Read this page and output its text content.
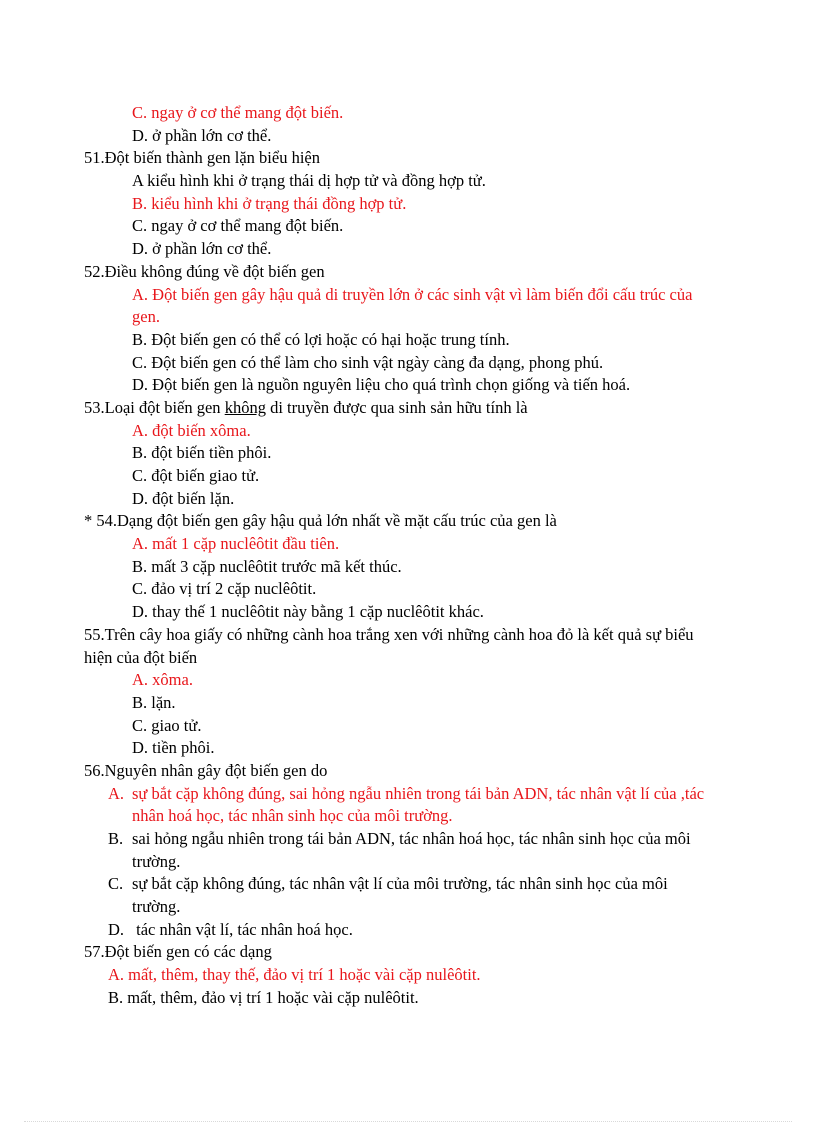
C. ngay ở cơ thể mang đột biến.
D. ở phần lớn cơ thể.
51.Đột biến thành gen lặn biểu hiện
A kiểu hình khi ở trạng thái dị hợp tử và đồng hợp tử.
B. kiểu hình khi ở trạng thái đồng hợp tử.
C. ngay ở cơ thể mang đột biến.
D. ở phần lớn cơ thể.
52.Điều không đúng về đột biến gen
A. Đột biến gen gây hậu quả di truyền lớn ở các sinh vật vì làm biến đổi cấu trúc của
gen.
B. Đột biến gen có thể có lợi hoặc có hại hoặc trung tính.
C. Đột biến gen có thể làm cho sinh vật ngày càng đa dạng, phong phú.
D. Đột biến gen là nguồn nguyên liệu cho quá trình chọn giống và tiến hoá.
53.Loại đột biến gen không di truyền được qua sinh sản hữu tính là
A. đột biến xôma.
B. đột biến tiền phôi.
C. đột biến giao tử.
D. đột biến lặn.
* 54.Dạng đột biến gen gây hậu quả lớn nhất về mặt cấu trúc của gen là
A. mất 1 cặp nuclêôtit đầu tiên.
B. mất 3 cặp nuclêôtit trước mã kết thúc.
C. đảo vị trí 2 cặp nuclêôtit.
D. thay thế 1 nuclêôtit này bằng 1 cặp nuclêôtit khác.
55.Trên cây hoa giấy có những cành hoa trắng xen với những cành hoa đỏ là kết quả sự biểu
hiện của đột biến
A. xôma.
B. lặn.
C. giao tử.
D. tiền phôi.
56.Nguyên nhân gây đột biến gen do
A. sự bắt cặp không đúng, sai hỏng ngẫu nhiên trong tái bản ADN, tác nhân vật lí của ,tác
nhân hoá học, tác nhân sinh học của môi trường.
B. sai hỏng ngẫu nhiên trong tái bản ADN, tác nhân hoá học, tác nhân sinh học của môi
trường.
C. sự bắt cặp không đúng, tác nhân vật lí của môi trường, tác nhân sinh học của môi
trường.
D. tác nhân vật lí, tác nhân hoá học.
57.Đột biến gen có các dạng
A. mất, thêm, thay thế, đảo vị trí 1 hoặc vài cặp nulêôtit.
B. mất, thêm, đảo vị trí 1 hoặc vài cặp nulêôtit.
